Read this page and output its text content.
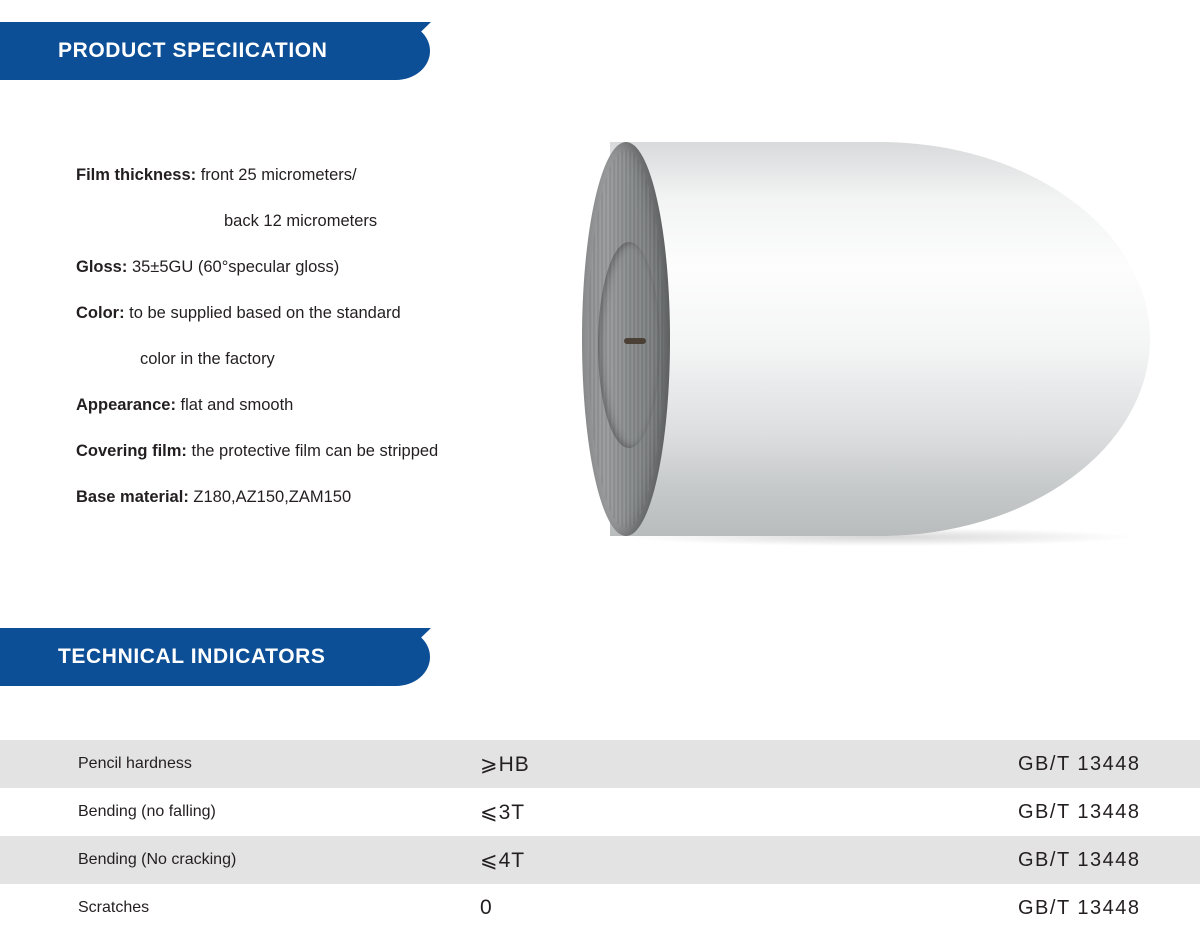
PRODUCT SPECIICATION
Film thickness: front 25 micrometers/
back 12 micrometers
Gloss: 35±5GU (60°specular gloss)
Color: to be supplied based on the standard
color in the factory
Appearance: flat and smooth
Covering film: the protective film can be stripped
Base material: Z180,AZ150,ZAM150
TECHNICAL INDICATORS
Pencil hardness	⩾HB	GB/T 13448
Bending (no falling)	⩽3T	GB/T 13448
Bending (No cracking)	⩽4T	GB/T 13448
Scratches	0	GB/T 13448
